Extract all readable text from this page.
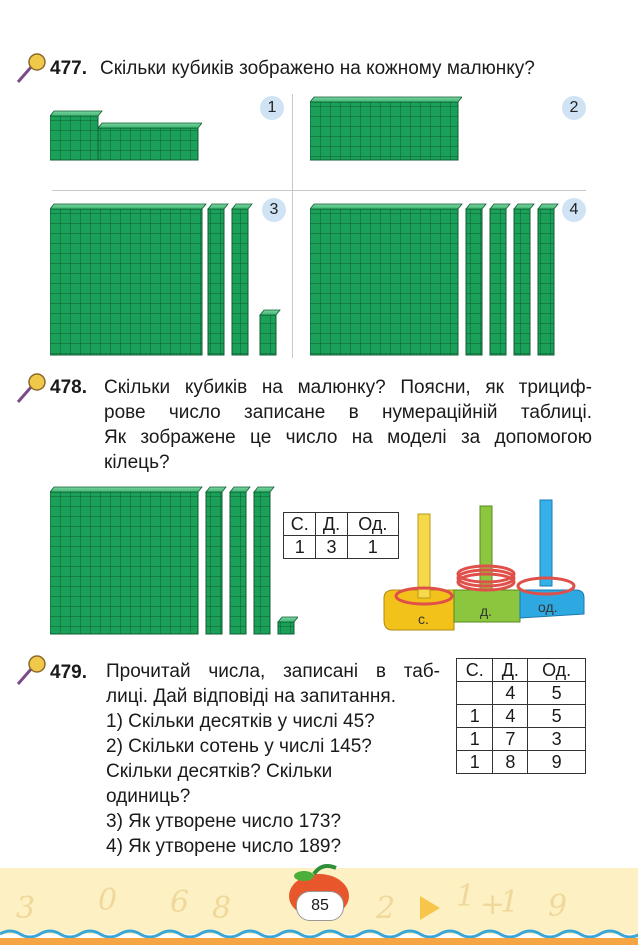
477. Скільки кубиків зображено на кожному малюнку?
1	2
3	4
478. Скільки кубиків на малюнку? Поясни, як трициф-
рове число записане в нумераційній таблиці.
Як зображене це число на моделі за допомогою
кілець?
С.	Д.	Од.
1	3	1
с.	д.	од.
479. Прочитай числа, записані в таб-
лиці. Дай відповіді на запитання.
1) Скільки десятків у числі 45?
2) Скільки сотень у числі 145?
Скільки десятків? Скільки
одиниць?
3) Як утворене число 173?
4) Як утворене число 189?
С.	Д.	Од.
	4	5
1	4	5
1	7	3
1	8	9
3 0 6 8	2 1 +
1 9
85
